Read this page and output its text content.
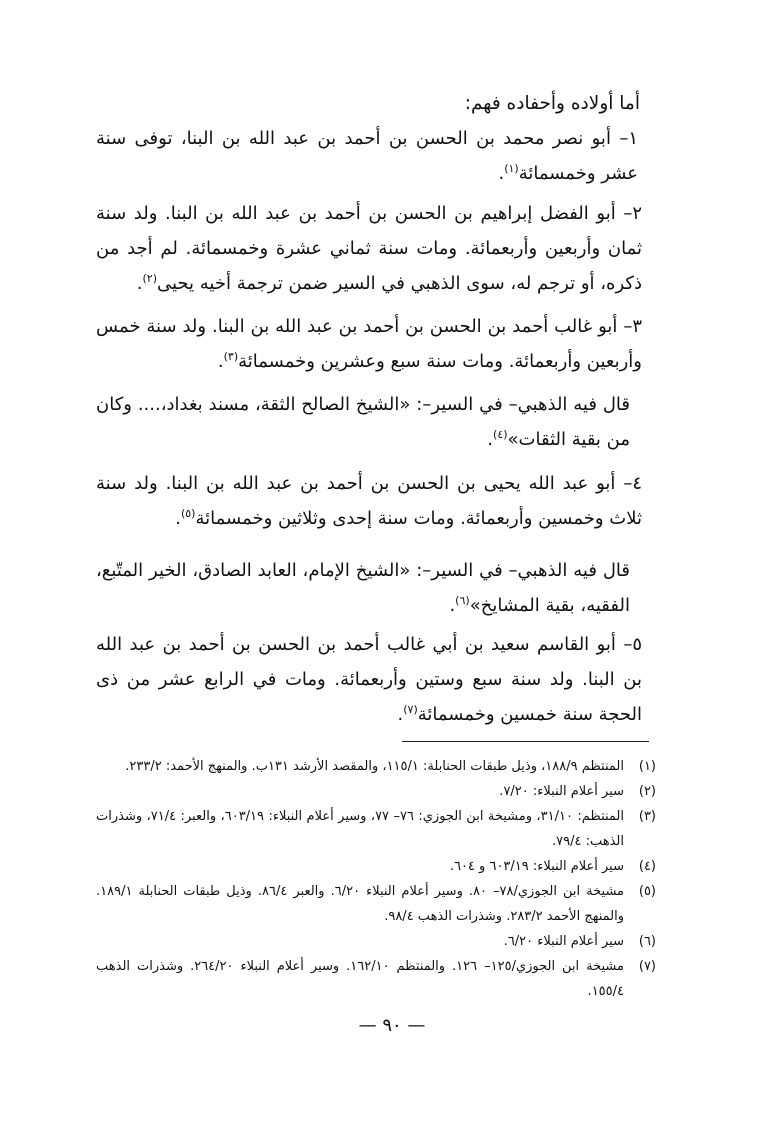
أما أولاده وأحفاده فهم:

١– أبو نصر محمد بن الحسن بن أحمد بن عبد الله بن البنا، توفى سنة عشر وخمسمائة$^{(١)}$.

٢– أبو الفضل إبراهيم بن الحسن بن أحمد بن عبد الله بن البنا. ولد سنة ثمان وأربعين وأربعمائة. ومات سنة ثماني عشرة وخمسمائة. لم أجد من ذكره، أو ترجم له، سوى الذهبي في السير ضمن ترجمة أخيه يحيى$^{(٢)}$.

٣– أبو غالب أحمد بن الحسن بن أحمد بن عبد الله بن البنا. ولد سنة خمس وأربعين وأربعمائة. ومات سنة سبع وعشرين وخمسمائة$^{(٣)}$.

قال فيه الذهبي– في السير–: «الشيخ الصالح الثقة، مسند بغداد،.... وكان من بقية الثقات»$^{(٤)}$.

٤– أبو عبد الله يحيى بن الحسن بن أحمد بن عبد الله بن البنا. ولد سنة ثلاث وخمسين وأربعمائة. ومات سنة إحدى وثلاثين وخمسمائة$^{(٥)}$.

قال فيه الذهبي– في السير–: «الشيخ الإمام، العابد الصادق، الخير المتّبع، الفقيه، بقية المشايخ»$^{(٦)}$.

٥– أبو القاسم سعيد بن أبي غالب أحمد بن الحسن بن أحمد بن عبد الله بن البنا. ولد سنة سبع وستين وأربعمائة. ومات في الرابع عشر من ذى الحجة سنة خمسين وخمسمائة$^{(٧)}$.

(١)
المنتظم ١٨٨/٩، وذيل طبقات الحنابلة: ١١٥/١، والمقصد الأرشد ١٣١ب. والمنهج الأحمد: ٢٣٣/٢.
(٢)
سير أعلام النبلاء: ٧/٢٠.
(٣)
المنتظم: ٣١/١٠، ومشيخة ابن الجوزي: ٧٦– ٧٧، وسير أعلام النبلاء: ٦٠٣/١٩، والعبر: ٧١/٤، وشذرات الذهب: ٧٩/٤.
(٤)
سير أعلام النبلاء: ٦٠٣/١٩ و ٦٠٤.
(٥)
مشيخة ابن الجوزي/٧٨– ٨٠. وسير أعلام النبلاء ٦/٢٠. والعبر ٨٦/٤. وذيل طبقات الحنابلة ١٨٩/١. والمنهج الأحمد ٢٨٣/٢. وشذرات الذهب ٩٨/٤.
(٦)
سير أعلام النبلاء ٦/٢٠.
(٧)
مشيخة ابن الجوزي/١٢٥– ١٢٦. والمنتظم ١٦٢/١٠. وسير أعلام النبلاء ٢٦٤/٢٠. وشذرات الذهب ١٥٥/٤.
— ٩٠ —
